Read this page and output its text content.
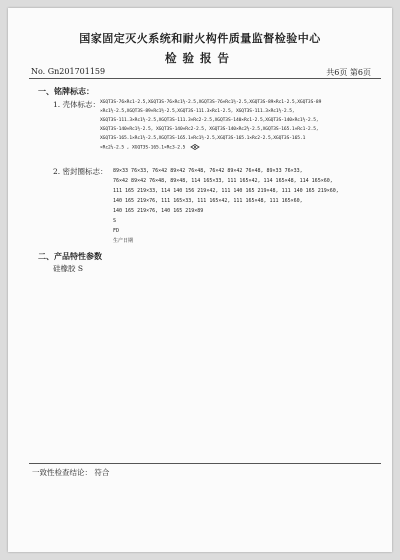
国家固定灭火系统和耐火构件质量监督检验中心
检验报告
No. Gn201701159	共6页 第6页
一、铭牌标志：
1. 壳体标志： XGQT3S-76×Rc1-2.5,XGQT3S-76×Rc1½-2.5,XGQT3S-76×Rc1½-2.5,XGQT3S-89×Rc1-2.5,XGQT3S-89
×Rc1½-2.5,XGQT3S-89×Rc1½-2.5,XGQT3S-111.3×Rc1-2.5, XGQT3S-111.3×Rc1½-2.5,
XGQT3S-111.3×Rc1½-2.5,XGQT3S-111.3×Rc2-2.5,XGQT3S-140×Rc1-2.5,XGQT3S-140×Rc1½-2.5,
XGQT3S-140×Rc1½-2.5, XGQT3S-140×Rc2-2.5, XGQT3S-140×Rc2½-2.5,XGQT3S-165.1×Rc1-2.5,
XGQT3S-165.1×Rc1½-2.5,XGQT3S-165.1×Rc1½-2.5,XGQT3S-165.1×Rc2-2.5,XGQT3S-165.1
×Rc2½-2.5 , XGQT3S-165.1×Rc3-2.5
2. 密封圈标志： 89×33 76×33, 76×42 89×42 76×48, 76×42 89×42 76×48, 89×33 76×33,
76×42 89×42 76×48, 89×48, 114 165×33, 111 165×42, 114 165×48, 114 165×60,
111 165 219×33, 114 140 156 219×42, 111 140 165 219×48, 111 140 165 219×60,
140 165 219×76, 111 165×33, 111 165×42, 111 165×48, 111 165×60,
140 165 219×76, 140 165 219×89
S
FD
生产日期
二、产品特性参数
硅橡胶 S
一致性检查结论： 符合
